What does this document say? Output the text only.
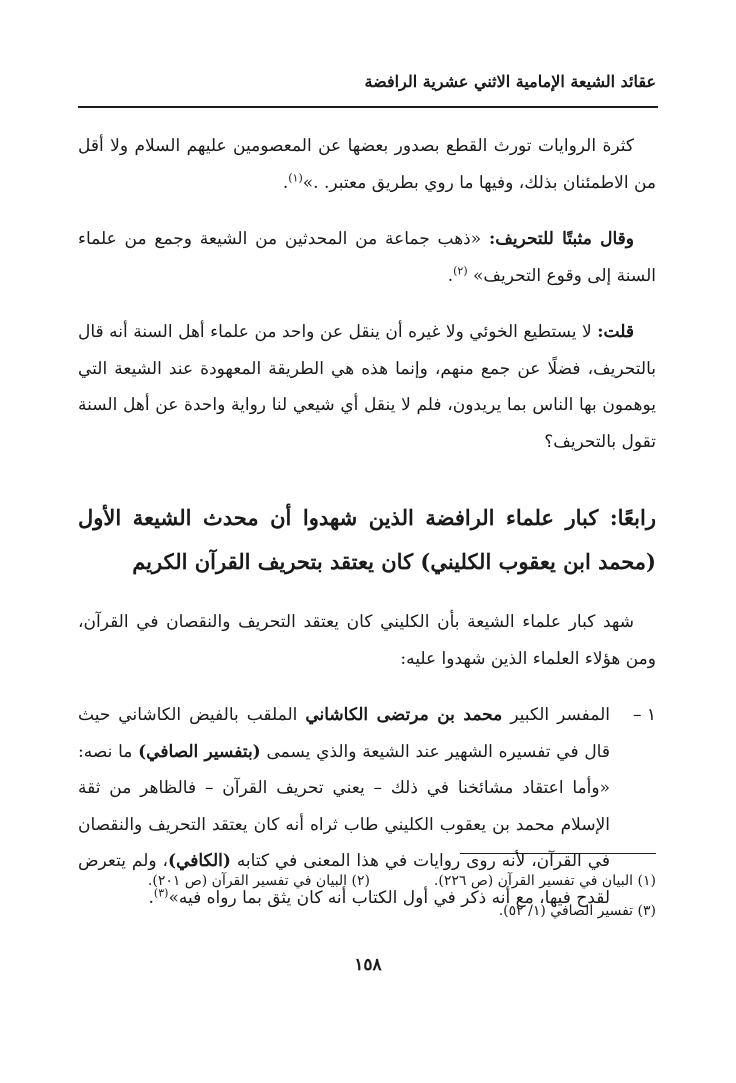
عقائد الشيعة الإمامية الاثني عشرية الرافضة

كثرة الروايات تورث القطع بصدور بعضها عن المعصومين عليهم السلام ولا أقل من الاطمئنان بذلك، وفيها ما روي بطريق معتبر. .»$^{(١)}$.

وقال مثبتًا للتحريف: «ذهب جماعة من المحدثين من الشيعة وجمع من علماء السنة إلى وقوع التحريف» $^{(٢)}$.

قلت: لا يستطيع الخوئي ولا غيره أن ينقل عن واحد من علماء أهل السنة أنه قال بالتحريف، فضلًا عن جمع منهم، وإنما هذه هي الطريقة المعهودة عند الشيعة التي يوهمون بها الناس بما يريدون، فلم لا ينقل أي شيعي لنا رواية واحدة عن أهل السنة تقول بالتحريف؟

رابعًا: كبار علماء الرافضة الذين شهدوا أن محدث الشيعة الأول (محمد ابن يعقوب الكليني) كان يعتقد بتحريف القرآن الكريم

شهد كبار علماء الشيعة بأن الكليني كان يعتقد التحريف والنقصان في القرآن، ومن هؤلاء العلماء الذين شهدوا عليه:

١ –

المفسر الكبير محمد بن مرتضى الكاشاني الملقب بالفيض الكاشاني حيث قال في تفسيره الشهير عند الشيعة والذي يسمى (بتفسير الصافي) ما نصه: «وأما اعتقاد مشائخنا في ذلك – يعني تحريف القرآن – فالظاهر من ثقة الإسلام محمد بن يعقوب الكليني طاب ثراه أنه كان يعتقد التحريف والنقصان في القرآن، لأنه روى روايات في هذا المعنى في كتابه (الكافي)، ولم يتعرض لقدح فيها، مع أنه ذكر في أول الكتاب أنه كان يثق بما رواه فيه»$^{(٣)}$.

(١) البيان في تفسير القرآن (ص ٢٢٦).
(٢) البيان في تفسير القرآن (ص ٢٠١).
(٣) تفسير الصافي (١/ ٥٢).
١٥٨
